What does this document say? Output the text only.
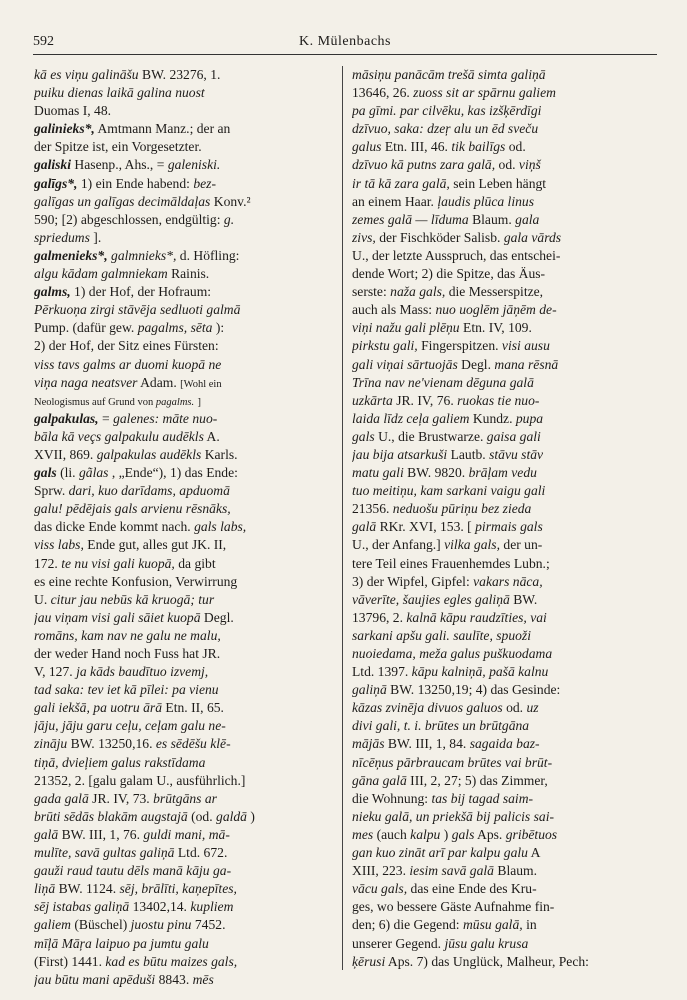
592	K. Mülenbachs
kā es viņu galināšu BW. 23276, 1.
puiku dienas laikā galina nuost
Duomas I, 48.
galinieks*, Amtmann Manz.; der an
der Spitze ist, ein Vorgesetzter.
galiski Hasenp., Ahs., = galeniski.
galīgs*, 1) ein Ende habend: bez-
galīgas un galīgas decimāldaļas Konv.²
590; [2) abgeschlossen, endgültig: g.
spriedums ].
galmenieks*, galmnieks*, d. Höfling:
algu kādam galmniekam Rainis.
galms, 1) der Hof, der Hofraum:
Pērkuoņa zirgi stāvēja sedluoti galmā
Pump. (dafür gew. pagalms, sēta ):
2) der Hof, der Sitz eines Fürsten:
viss tavs galms ar duomi kuopā ne
viņa naga neatsver Adam. [Wohl ein
Neologismus auf Grund von pagalms. ]
galpakulas, = galenes: māte nuo-
bāla kā veçs galpakulu audēkls A.
XVII, 869. galpakulas audēkls Karls.
gals (li. gãlas , „Ende“), 1) das Ende:
Sprw. dari, kuo darīdams, apduomā
galu! pēdējais gals arvienu rēsnāks,
das dicke Ende kommt nach. gals labs,
viss labs, Ende gut, alles gut JK. II,
172. te nu visi gali kuopā, da gibt
es eine rechte Konfusion, Verwirrung
U. citur jau nebūs kā kruogā; tur
jau viņam visi gali sāiet kuopā Degl.
romāns, kam nav ne galu ne malu,
der weder Hand noch Fuss hat JR.
V, 127. ja kāds baudītuo izvemj,
tad saka: tev iet kā pīlei: pa vienu
gali iekšā, pa uotru ārā Etn. II, 65.
jāju, jāju garu ceļu, ceļam galu ne-
zināju BW. 13250,16. es sēdēšu klē-
tiņā, dvieļiem galus rakstīdama
21352, 2. [galu galam U., ausführlich.]
gada galā JR. IV, 73. brūtgāns ar
brūti sēdās blakām augstajā (od. galdā )
galā BW. III, 1, 76. guldi mani, mā-
mulīte, savā gultas galiņā Ltd. 672.
gauži raud tautu dēls manā kāju ga-
liņā BW. 1124. sēj, brālīti, kaņepītes,
sēj istabas galiņā 13402,14. kupliem
galiem (Büschel) juostu pinu 7452.
mīļā Māŗa laipuo pa jumtu galu
(First) 1441. kad es būtu maizes gals,
jau būtu mani apēduši 8843. mēs
māsiņu panācām trešā simta galiņā
13646, 26. zuoss sit ar spārnu galiem
pa gīmi. par cilvēku, kas izšķērdīgi
dzīvuo, saka: dzeŗ alu un ēd sveču
galus Etn. III, 46. tik bailīgs od.
dzīvuo kā putns zara galā, od. viņš
ir tā kā zara galā, sein Leben hängt
an einem Haar. ļaudis plūca linus
zemes galā — līduma Blaum. gala
zivs, der Fischköder Salisb. gala vārds
U., der letzte Ausspruch, das entschei-
dende Wort; 2) die Spitze, das Äus-
serste: naža gals, die Messerspitze,
auch als Mass: nuo uoglēm jāņēm de-
viņi nažu gali plēņu Etn. IV, 109.
pirkstu gali, Fingerspitzen. visi ausu
gali viņai sārtuojās Degl. mana rēsnā
Trīna nav ne'vienam dēguna galā
uzkārta JR. IV, 76. ruokas tie nuo-
laida līdz ceļa galiem Kundz. pupa
gals U., die Brustwarze. gaisa gali
jau bija atsarkuši Lautb. stāvu stāv
matu gali BW. 9820. brāļam vedu
tuo meitiņu, kam sarkani vaigu gali
21356. neduošu pūriņu bez zieda
galā RKr. XVI, 153. [ pirmais gals
U., der Anfang.] vilka gals, der un-
tere Teil eines Frauenhemdes Lubn.;
3) der Wipfel, Gipfel: vakars nāca,
vāverīte, šaujies egles galiņā BW.
13796, 2. kalnā kāpu raudzīties, vai
sarkani apšu gali. saulīte, spuoži
nuoiedama, meža galus puškuodama
Ltd. 1397. kāpu kalniņā, pašā kalnu
galiņā BW. 13250,19; 4) das Gesinde:
kāzas zvinēja divuos galuos od. uz
divi gali, t. i. brūtes un brūtgāna
mājās BW. III, 1, 84. sagaida baz-
nīcēņus pārbraucam brūtes vai brūt-
gāna galā III, 2, 27; 5) das Zimmer,
die Wohnung: tas bij tagad saim-
nieku galā, un priekšā bij palicis sai-
mes (auch kalpu ) gals Aps. gribētuos
gan kuo zināt arī par kalpu galu A
XIII, 223. iesim savā galā Blaum.
vācu gals, das eine Ende des Kru-
ges, wo bessere Gäste Aufnahme fin-
den; 6) die Gegend: mūsu galā, in
unserer Gegend. jūsu galu krusa
ķērusi Aps. 7) das Unglück, Malheur, Pech:
